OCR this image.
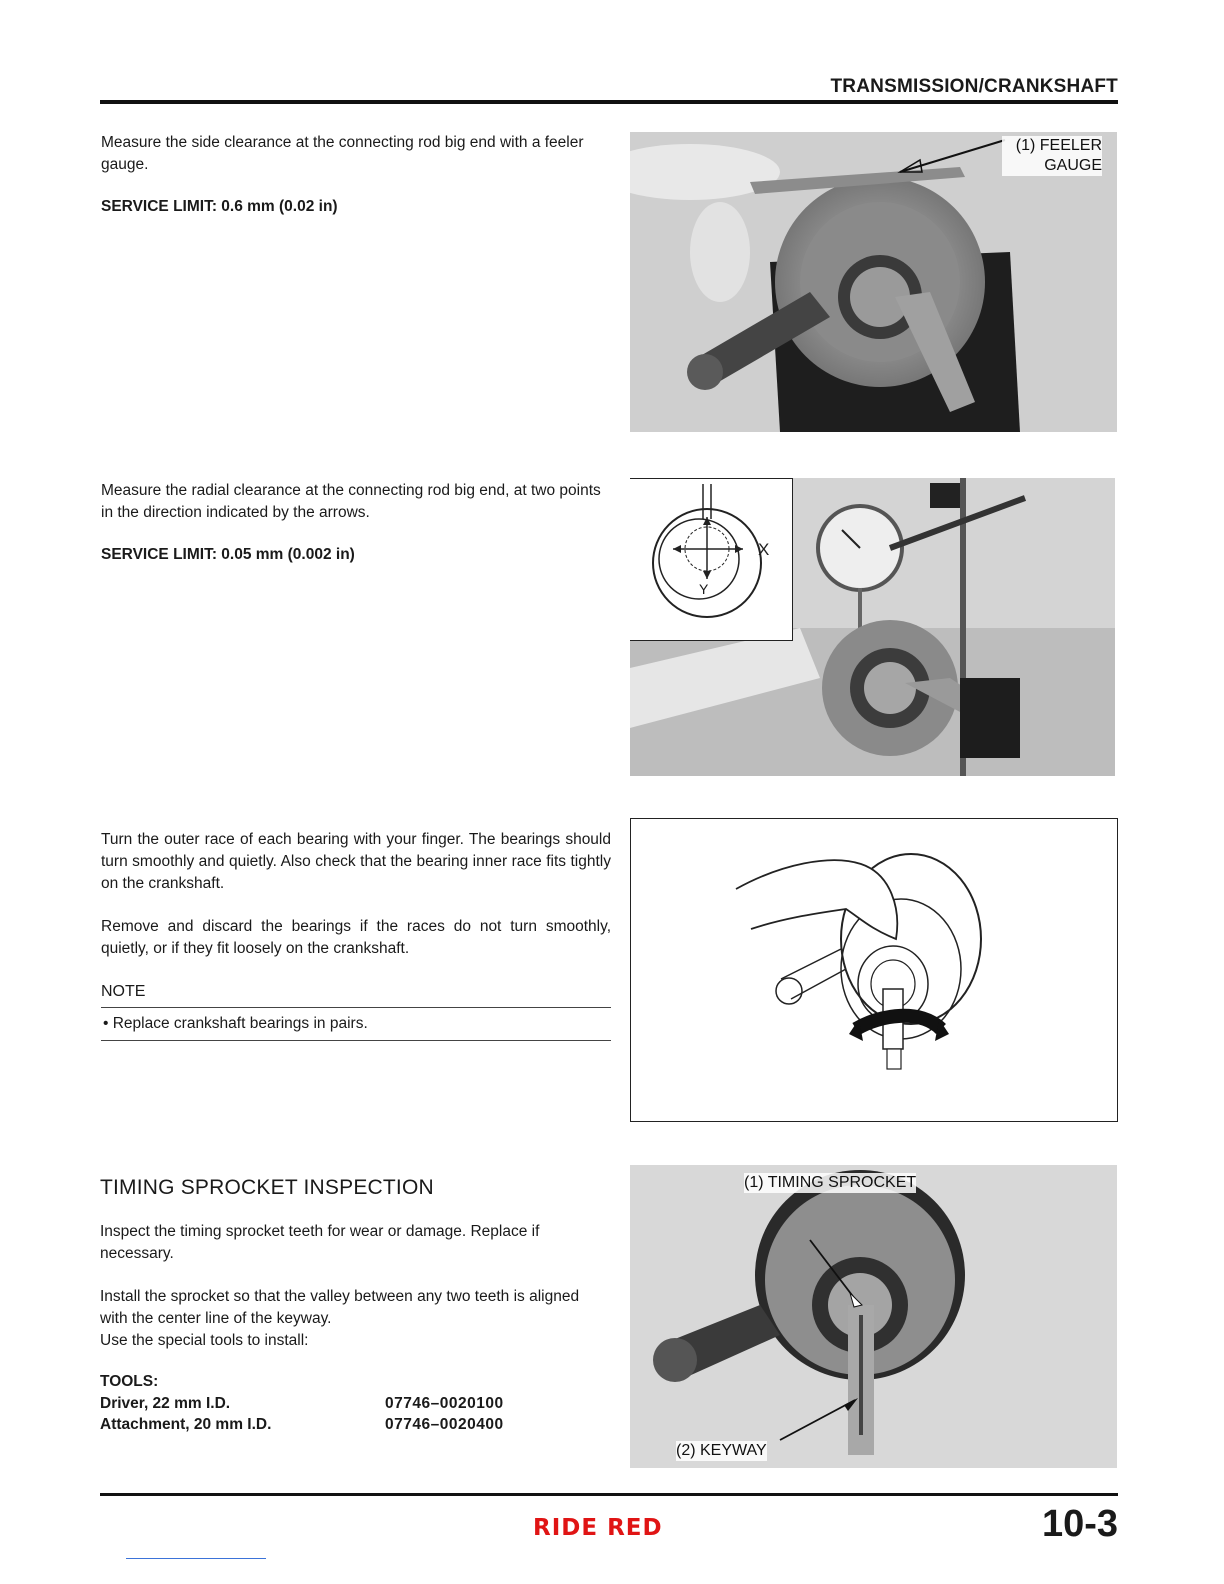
TRANSMISSION/CRANKSHAFT
Measure the side clearance at the connecting rod big end with a feeler gauge.
SERVICE LIMIT: 0.6 mm (0.02 in)
(1) FEELER
GAUGE
Measure the radial clearance at the connecting rod big end, at two points in the direction indicated by the arrows.
SERVICE LIMIT: 0.05 mm (0.002 in)
Y
X
Turn the outer race of each bearing with your finger. The bearings should turn smoothly and quietly. Also check that the bearing inner race fits tightly on the crankshaft.
Remove and discard the bearings if the races do not turn smoothly, quietly, or if they fit loosely on the crankshaft.
NOTE
• Replace crankshaft bearings in pairs.
TIMING SPROCKET INSPECTION
Inspect the timing sprocket teeth for wear or damage. Replace if necessary.
Install the sprocket so that the valley between any two teeth is aligned with the center line of the keyway.
Use the special tools to install:
TOOLS:
Driver, 22 mm I.D.	07746–0020100
Attachment, 20 mm I.D.	07746–0020400
(1) TIMING SPROCKET
(2) KEYWAY
RIDE RED	10-3
